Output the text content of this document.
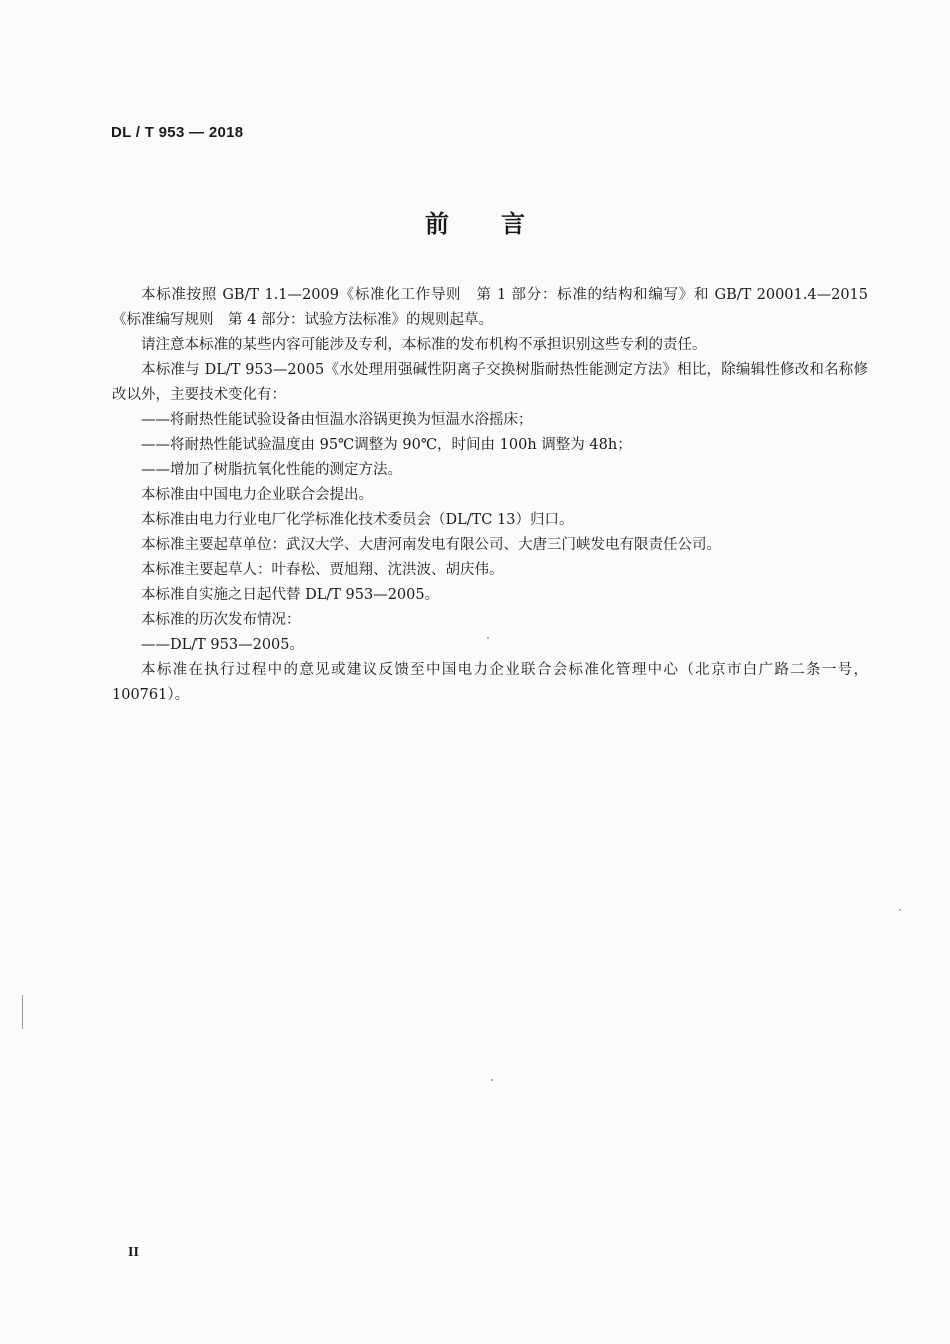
DL / T 953 — 2018
前言

本标准按照 GB/T 1.1—2009《标准化工作导则　第 1 部分：标准的结构和编写》和 GB/T 20001.4—2015《标准编写规则　第 4 部分：试验方法标准》的规则起草。

请注意本标准的某些内容可能涉及专利，本标准的发布机构不承担识别这些专利的责任。

本标准与 DL/T 953—2005《水处理用强碱性阴离子交换树脂耐热性能测定方法》相比，除编辑性修改和名称修改以外，主要技术变化有：

——将耐热性能试验设备由恒温水浴锅更换为恒温水浴摇床；

——将耐热性能试验温度由 95℃调整为 90℃，时间由 100h 调整为 48h；

——增加了树脂抗氧化性能的测定方法。

本标准由中国电力企业联合会提出。

本标准由电力行业电厂化学标准化技术委员会（DL/TC 13）归口。

本标准主要起草单位：武汉大学、大唐河南发电有限公司、大唐三门峡发电有限责任公司。

本标准主要起草人：叶春松、贾旭翔、沈洪波、胡庆伟。

本标准自实施之日起代替 DL/T 953—2005。

本标准的历次发布情况：

——DL/T 953—2005。

本标准在执行过程中的意见或建议反馈至中国电力企业联合会标准化管理中心（北京市白广路二条一号，100761）。

II
